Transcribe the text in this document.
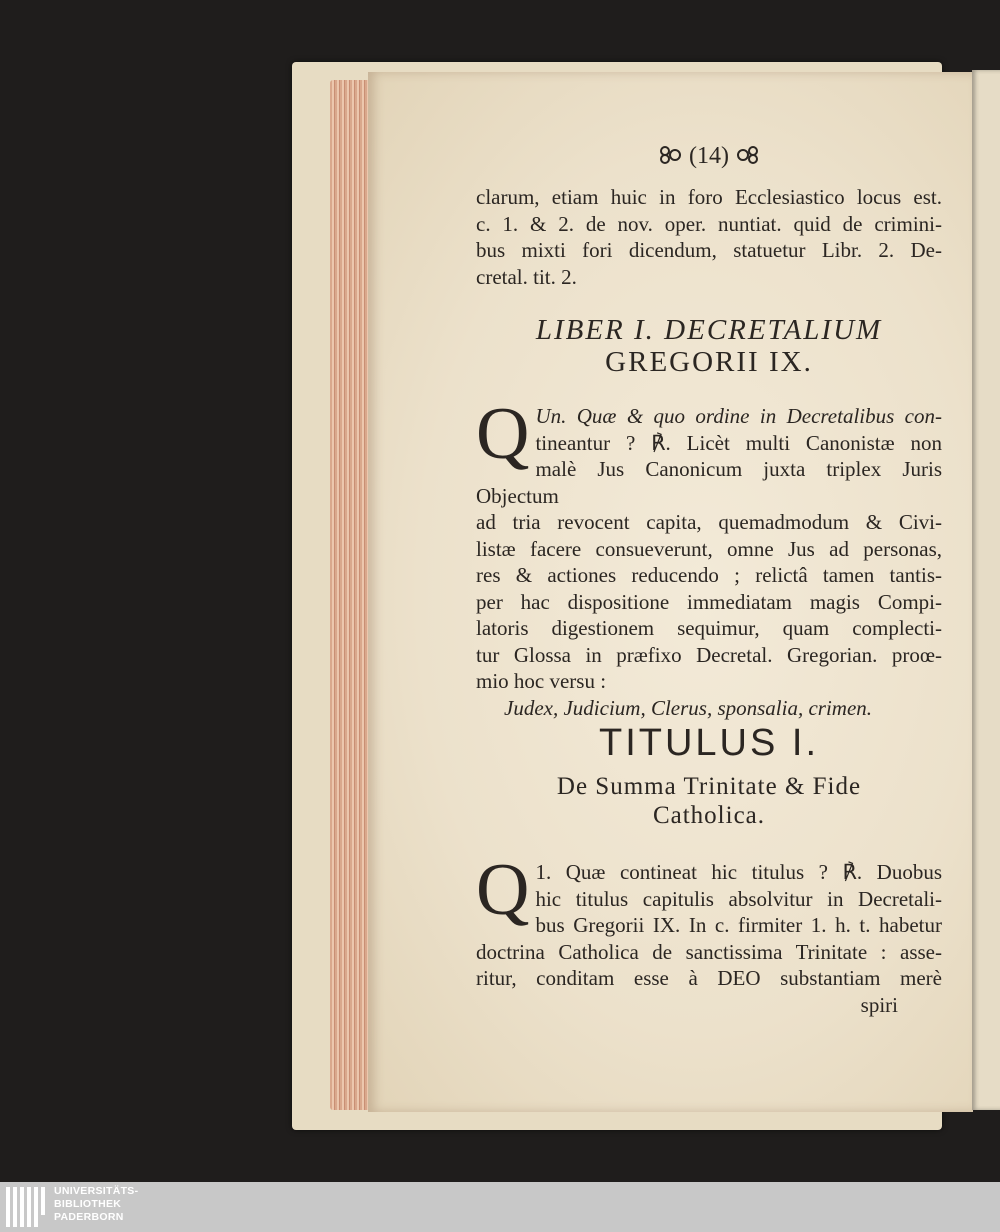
(14)
clarum, etiam huic in foro Ecclesiastico locus est.
c. 1. & 2. de nov. oper. nuntiat. quid de crimini-
bus mixti fori dicendum, statuetur Libr. 2. De-
cretal. tit. 2.
LIBER I. DECRETALIUM
GREGORII IX.
Q Un. Quæ & quo ordine in Decretalibus con-
tineantur ? ℟. Licèt multi Canonistæ non
malè Jus Canonicum juxta triplex Juris Objectum
ad tria revocent capita, quemadmodum & Civi-
listæ facere consueverunt, omne Jus ad personas,
res & actiones reducendo ; relictâ tamen tantis-
per hac dispositione immediatam magis Compi-
latoris digestionem sequimur, quam complecti-
tur Glossa in præfixo Decretal. Gregorian. proœ-
mio hoc versu :
Judex, Judicium, Clerus, sponsalia, crimen.
TITULUS I.
De Summa Trinitate & Fide
Catholica.
Q 1. Quæ contineat hic titulus ? ℟. Duobus
hic titulus capitulis absolvitur in Decretali-
bus Gregorii IX. In c. firmiter 1. h. t. habetur
doctrina Catholica de sanctissima Trinitate : asse-
ritur, conditam esse à DEO substantiam merè
spiri
UNIVERSITÄTS-
BIBLIOTHEK
PADERBORN
